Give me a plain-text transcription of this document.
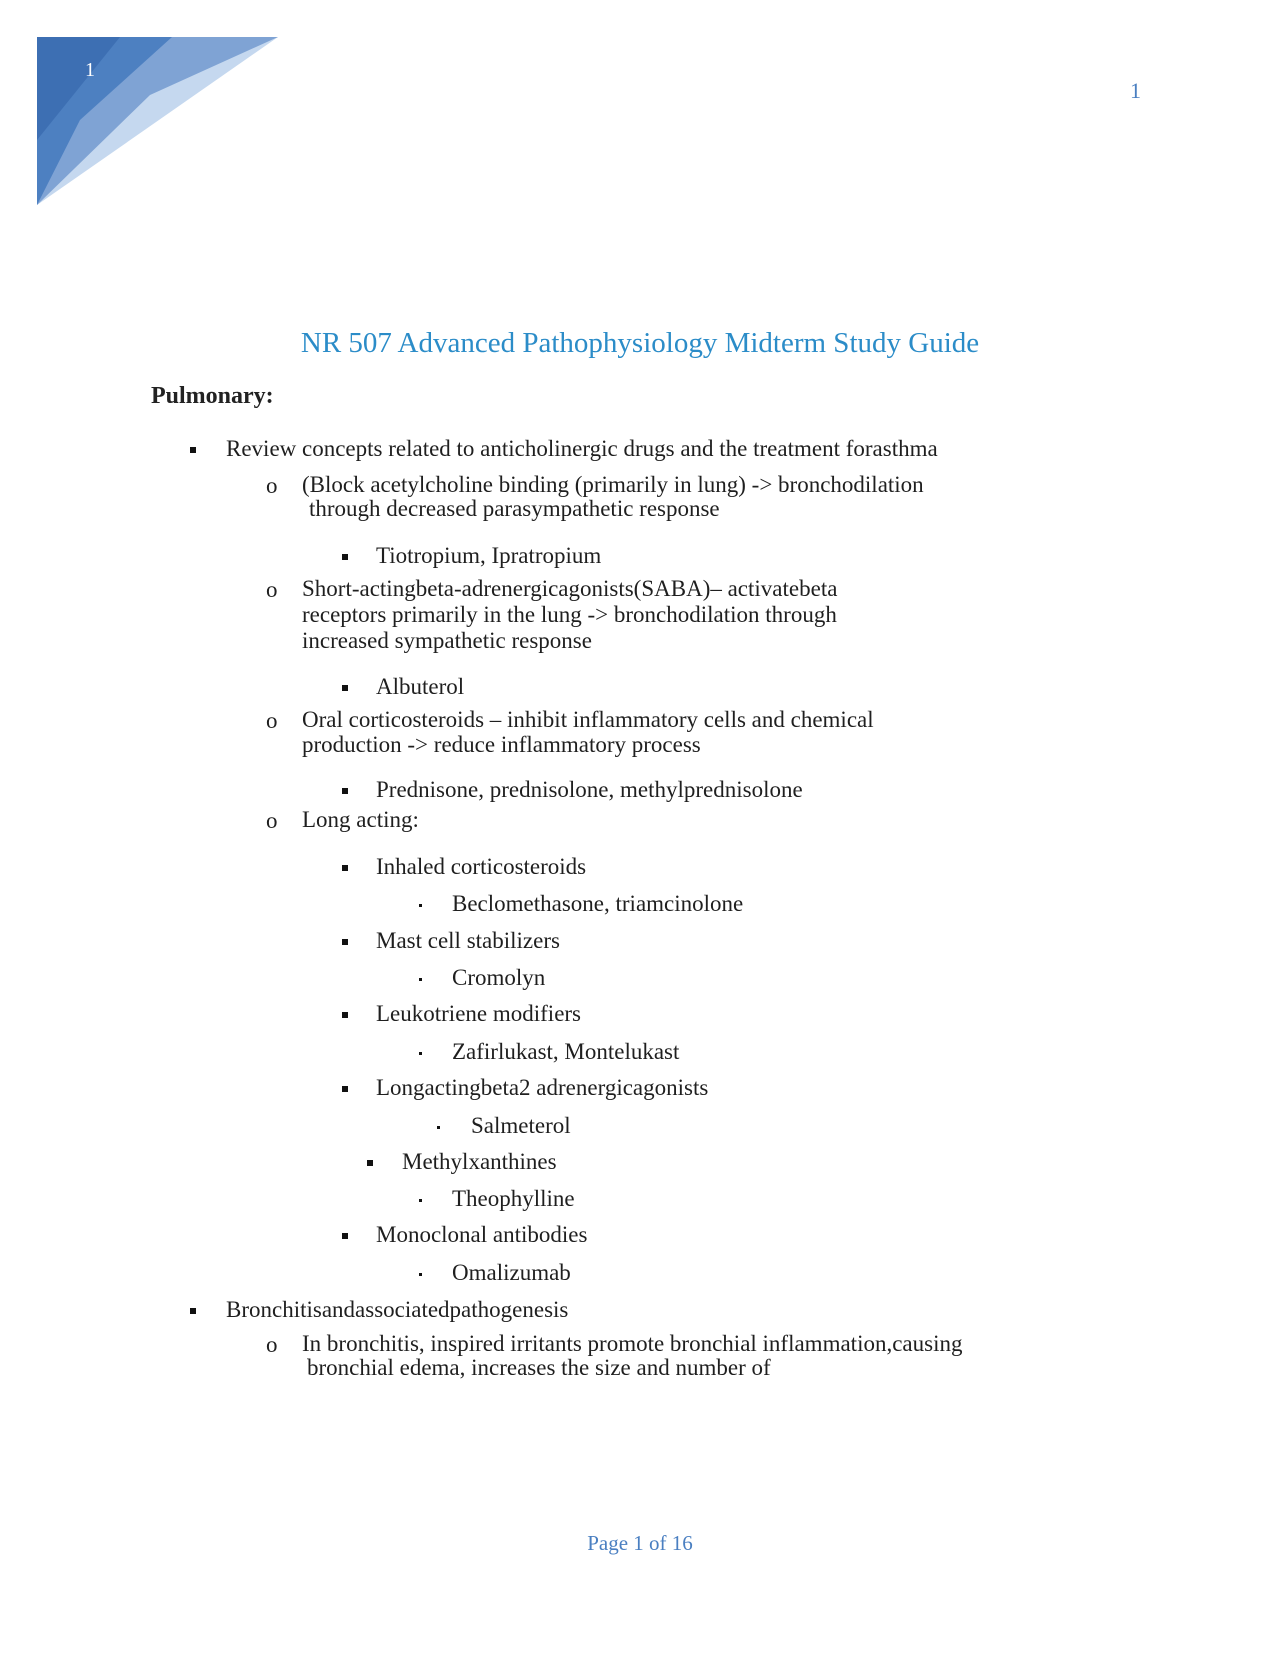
1
1
NR 507 Advanced Pathophysiology Midterm Study Guide
Pulmonary:
Review concepts related to anticholinergic drugs and the treatment forasthma
o (Block acetylcholine binding (primarily in lung) -> bronchodilation
through decreased parasympathetic response
Tiotropium, Ipratropium
o Short-actingbeta-adrenergicagonists(SABA)– activatebeta
receptors primarily in the lung -> bronchodilation through
increased sympathetic response
Albuterol
o Oral corticosteroids – inhibit inflammatory cells and chemical
production -> reduce inflammatory process
Prednisone, prednisolone, methylprednisolone
o Long acting:
Inhaled corticosteroids
Beclomethasone, triamcinolone
Mast cell stabilizers
Cromolyn
Leukotriene modifiers
Zafirlukast, Montelukast
Longactingbeta2 adrenergicagonists
Salmeterol
Methylxanthines
Theophylline
Monoclonal antibodies
Omalizumab
Bronchitisandassociatedpathogenesis
o In bronchitis, inspired irritants promote bronchial inflammation,causing
bronchial edema, increases the size and number of
Page 1 of 16
